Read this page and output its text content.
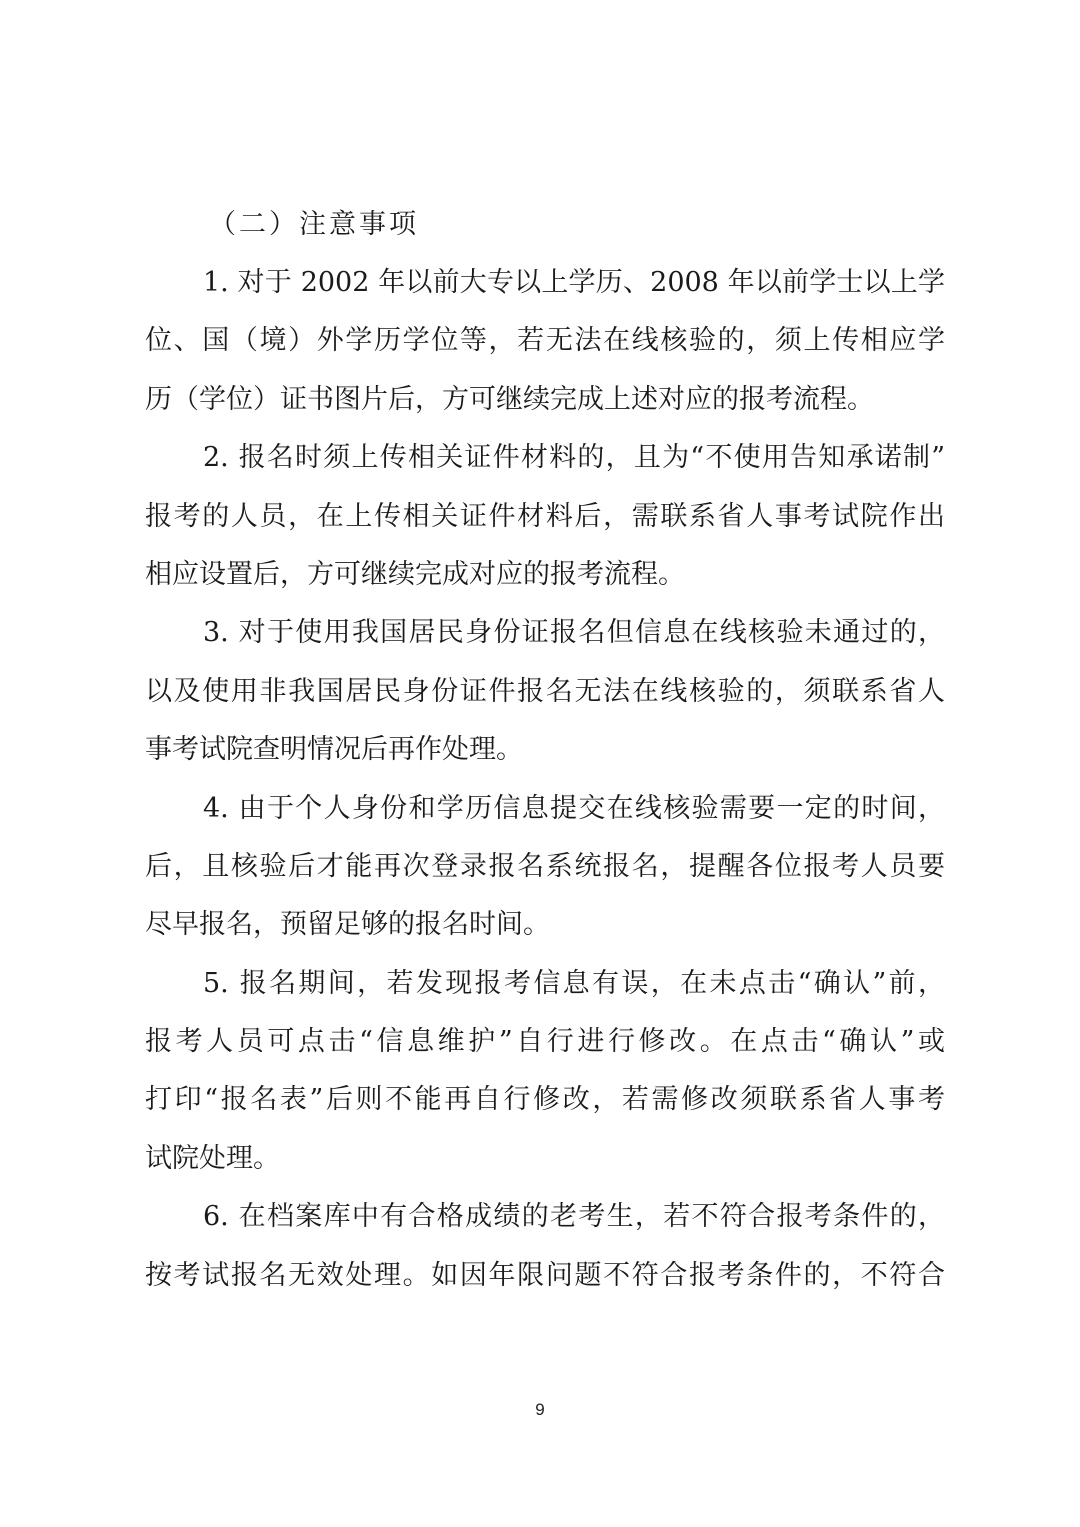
（二）注意事项
1. 对于 2002 年以前大专以上学历、2008 年以前学士以上学
位、国（境）外学历学位等，若无法在线核验的，须上传相应学
历（学位）证书图片后，方可继续完成上述对应的报考流程。
2. 报名时须上传相关证件材料的，且为“不使用告知承诺制”
报考的人员，在上传相关证件材料后，需联系省人事考试院作出
相应设置后，方可继续完成对应的报考流程。
3. 对于使用我国居民身份证报名但信息在线核验未通过的，
以及使用非我国居民身份证件报名无法在线核验的，须联系省人
事考试院查明情况后再作处理。
4. 由于个人身份和学历信息提交在线核验需要一定的时间，
后，且核验后才能再次登录报名系统报名，提醒各位报考人员要
尽早报名，预留足够的报名时间。
5. 报名期间，若发现报考信息有误，在未点击“确认”前，
报考人员可点击“信息维护”自行进行修改。在点击“确认”或
打印“报名表”后则不能再自行修改，若需修改须联系省人事考
试院处理。
6. 在档案库中有合格成绩的老考生，若不符合报考条件的，
按考试报名无效处理。如因年限问题不符合报考条件的，不符合
9
